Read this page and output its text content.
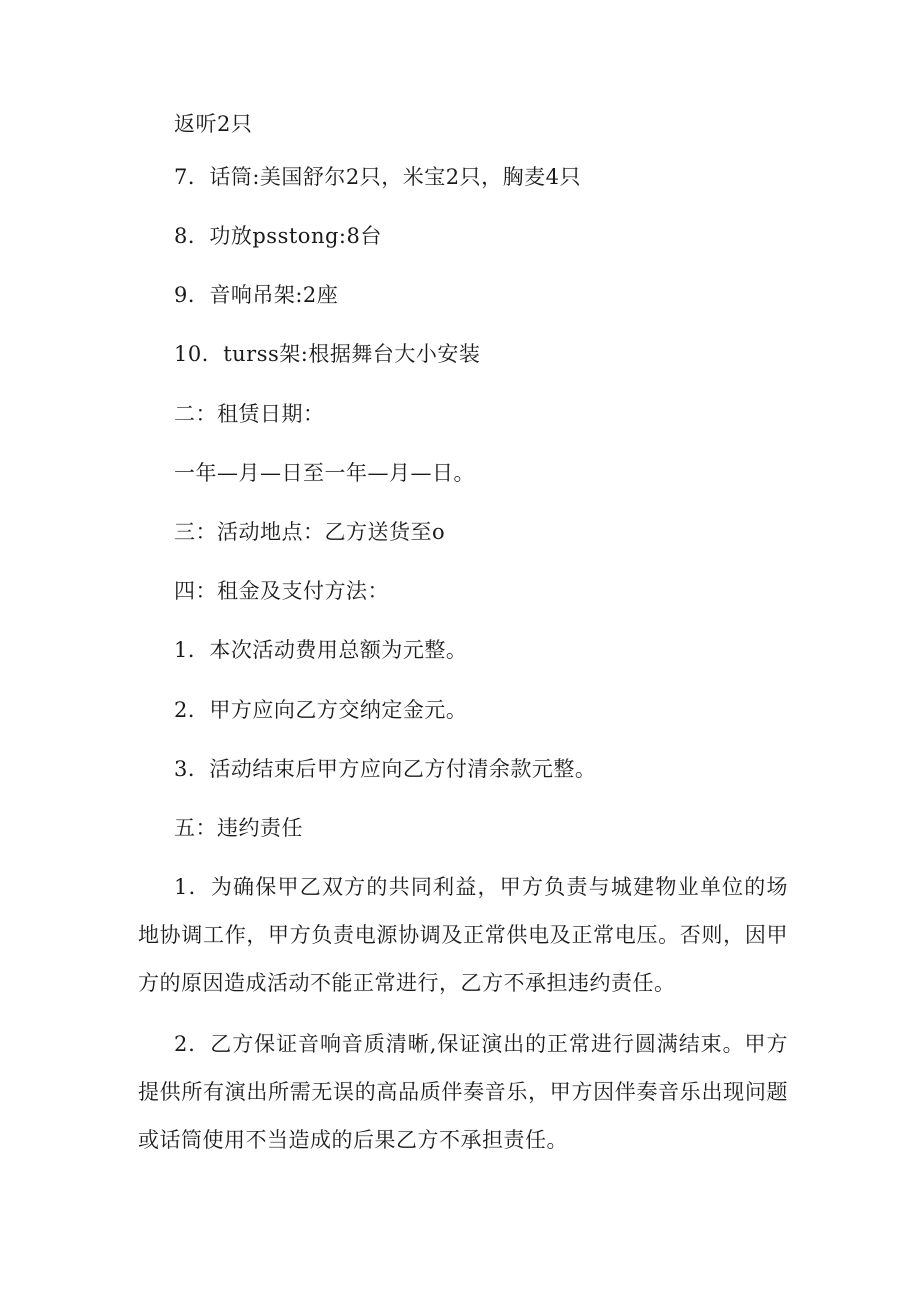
返听2只
7．话筒:美国舒尔2只，米宝2只，胸麦4只
8．功放psstong:8台
9．音响吊架:2座
10．turss架:根据舞台大小安装
二：租赁日期：
一年—月—日至一年—月—日。
三：活动地点：乙方送货至o
四：租金及支付方法：
1．本次活动费用总额为元整。
2．甲方应向乙方交纳定金元。
3．活动结束后甲方应向乙方付清余款元整。
五：违约责任
1．为确保甲乙双方的共同利益，甲方负责与城建物业单位的场地协调工作，甲方负责电源协调及正常供电及正常电压。否则，因甲方的原因造成活动不能正常进行，乙方不承担违约责任。
2．乙方保证音响音质清晰,保证演出的正常进行圆满结束。甲方提供所有演出所需无误的高品质伴奏音乐，甲方因伴奏音乐出现问题或话筒使用不当造成的后果乙方不承担责任。
